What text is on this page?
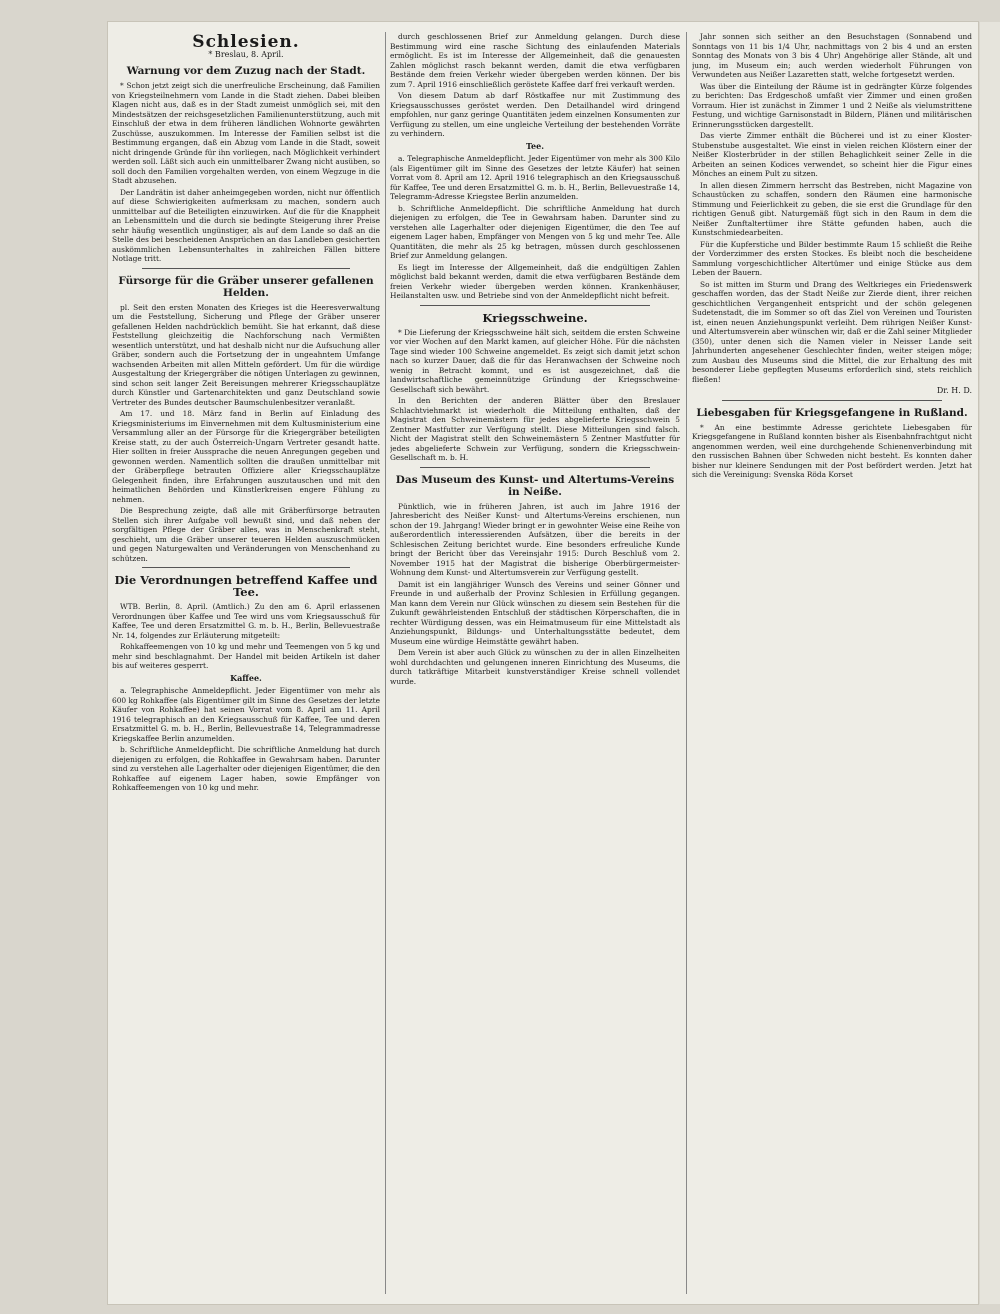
Schlesien.
* Breslau, 8. April.
Warnung vor dem Zuzug nach der Stadt.

* Schon jetzt zeigt sich die unerfreuliche Erscheinung, daß Familien von Kriegsteilnehmern vom Lande in die Stadt ziehen. Dabei bleiben Klagen nicht aus, daß es in der Stadt zumeist unmöglich sei, mit den Mindestsätzen der reichsgesetzlichen Familienunterstützung, auch mit Einschluß der etwa in dem früheren ländlichen Wohnorte gewährten Zuschüsse, auszukommen. Im Interesse der Familien selbst ist die Bestimmung ergangen, daß ein Abzug vom Lande in die Stadt, soweit nicht dringende Gründe für ihn vorliegen, nach Möglichkeit verhindert werden soll. Läßt sich auch ein unmittelbarer Zwang nicht ausüben, so soll doch den Familien vorgehalten werden, von einem Wegzuge in die Stadt abzusehen.

Der Landrätin ist daher anheimgegeben worden, nicht nur öffentlich auf diese Schwierigkeiten aufmerksam zu machen, sondern auch unmittelbar auf die Beteiligten einzuwirken. Auf die für die Knappheit an Lebensmitteln und die durch sie bedingte Steigerung ihrer Preise sehr häufig wesentlich ungünstiger, als auf dem Lande so daß an die Stelle des bei bescheidenen Ansprüchen an das Landleben gesicherten auskömmlichen Lebensunterhaltes in zahlreichen Fällen bittere Notlage tritt.

Fürsorge für die Gräber unserer gefallenen Helden.

pl. Seit den ersten Monaten des Krieges ist die Heeresverwaltung um die Feststellung, Sicherung und Pflege der Gräber unserer gefallenen Helden nachdrücklich bemüht. Sie hat erkannt, daß diese Feststellung gleichzeitig die Nachforschung nach Vermißten wesentlich unterstützt, und hat deshalb nicht nur die Aufsuchung aller Gräber, sondern auch die Fortsetzung der in ungeahntem Umfange wachsenden Arbeiten mit allen Mitteln gefördert. Um für die würdige Ausgestaltung der Kriegergräber die nötigen Unterlagen zu gewinnen, sind schon seit langer Zeit Bereisungen mehrerer Kriegsschauplätze durch Künstler und Gartenarchitekten und ganz Deutschland sowie Vertreter des Bundes deutscher Baumschulenbesitzer veranlaßt.

Am 17. und 18. März fand in Berlin auf Einladung des Kriegsministeriums im Einvernehmen mit dem Kultusministerium eine Versammlung aller an der Fürsorge für die Kriegergräber beteiligten Kreise statt, zu der auch Österreich-Ungarn Vertreter gesandt hatte. Hier sollten in freier Aussprache die neuen Anregungen gegeben und gewonnen werden. Namentlich sollten die draußen unmittelbar mit der Gräberpflege betrauten Offiziere aller Kriegsschauplätze Gelegenheit finden, ihre Erfahrungen auszutauschen und mit den heimatlichen Behörden und Künstlerkreisen engere Fühlung zu nehmen.

Die Besprechung zeigte, daß alle mit Gräberfürsorge betrauten Stellen sich ihrer Aufgabe voll bewußt sind, und daß neben der sorgfältigen Pflege der Gräber alles, was in Menschenkraft steht, geschieht, um die Gräber unserer teueren Helden auszuschmücken und gegen Naturgewalten und Veränderungen von Menschenhand zu schützen.

Die Verordnungen betreffend Kaffee und Tee.

WTB. Berlin, 8. April. (Amtlich.) Zu den am 6. April erlassenen Verordnungen über Kaffee und Tee wird uns vom Kriegsausschuß für Kaffee, Tee und deren Ersatzmittel G. m. b. H., Berlin, Bellevuestraße Nr. 14, folgendes zur Erläuterung mitgeteilt:

Rohkaffeemengen von 10 kg und mehr und Teemengen von 5 kg und mehr sind beschlagnahmt. Der Handel mit beiden Artikeln ist daher bis auf weiteres gesperrt.

Kaffee.

a. Telegraphische Anmeldepflicht. Jeder Eigentümer von mehr als 600 kg Rohkaffee (als Eigentümer gilt im Sinne des Gesetzes der letzte Käufer von Rohkaffee) hat seinen Vorrat vom 8. April am 11. April 1916 telegraphisch an den Kriegsausschuß für Kaffee, Tee und deren Ersatzmittel G. m. b. H., Berlin, Bellevuestraße 14, Telegrammadresse Kriegskaffee Berlin anzumelden.

b. Schriftliche Anmeldepflicht. Die schriftliche Anmeldung hat durch diejenigen zu erfolgen, die Rohkaffee in Gewahrsam haben. Darunter sind zu verstehen alle Lagerhalter oder diejenigen Eigentümer, die den Rohkaffee auf eigenem Lager haben, sowie Empfänger von Rohkaffeemengen von 10 kg und mehr.

durch geschlossenen Brief zur Anmeldung gelangen. Durch diese Bestimmung wird eine rasche Sichtung des einlaufenden Materials ermöglicht. Es ist im Interesse der Allgemeinheit, daß die genauesten Zahlen möglichst rasch bekannt werden, damit die etwa verfügbaren Bestände dem freien Verkehr wieder übergeben werden können. Der bis zum 7. April 1916 einschließlich geröstete Kaffee darf frei verkauft werden.

Von diesem Datum ab darf Röstkaffee nur mit Zustimmung des Kriegsausschusses geröstet werden. Den Detailhandel wird dringend empfohlen, nur ganz geringe Quantitäten jedem einzelnen Konsumenten zur Verfügung zu stellen, um eine ungleiche Verteilung der bestehenden Vorräte zu verhindern.

Tee.

a. Telegraphische Anmeldepflicht. Jeder Eigentümer von mehr als 300 Kilo (als Eigentümer gilt im Sinne des Gesetzes der letzte Käufer) hat seinen Vorrat vom 8. April am 12. April 1916 telegraphisch an den Kriegsausschuß für Kaffee, Tee und deren Ersatzmittel G. m. b. H., Berlin, Bellevuestraße 14, Telegramm-Adresse Kriegstee Berlin anzumelden.

b. Schriftliche Anmeldepflicht. Die schriftliche Anmeldung hat durch diejenigen zu erfolgen, die Tee in Gewahrsam haben. Darunter sind zu verstehen alle Lagerhalter oder diejenigen Eigentümer, die den Tee auf eigenem Lager haben, Empfänger von Mengen von 5 kg und mehr Tee. Alle Quantitäten, die mehr als 25 kg betragen, müssen durch geschlossenen Brief zur Anmeldung gelangen.

Es liegt im Interesse der Allgemeinheit, daß die endgültigen Zahlen möglichst bald bekannt werden, damit die etwa verfügbaren Bestände dem freien Verkehr wieder übergeben werden können. Krankenhäuser, Heilanstalten usw. und Betriebe sind von der Anmeldepflicht nicht befreit.

Kriegsschweine.

* Die Lieferung der Kriegsschweine hält sich, seitdem die ersten Schweine vor vier Wochen auf den Markt kamen, auf gleicher Höhe. Für die nächsten Tage sind wieder 100 Schweine angemeldet. Es zeigt sich damit jetzt schon nach so kurzer Dauer, daß die für das Heranwachsen der Schweine noch wenig in Betracht kommt, und es ist ausgezeichnet, daß die landwirtschaftliche gemeinnützige Gründung der Kriegsschweine-Gesellschaft sich bewährt.

In den Berichten der anderen Blätter über den Breslauer Schlachtviehmarkt ist wiederholt die Mitteilung enthalten, daß der Magistrat den Schweinemästern für jedes abgelieferte Kriegsschwein 5 Zentner Mastfutter zur Verfügung stellt. Diese Mitteilungen sind falsch. Nicht der Magistrat stellt den Schweinemästern 5 Zentner Mastfutter für jedes abgelieferte Schwein zur Verfügung, sondern die Kriegsschwein-Gesellschaft m. b. H.

Das Museum des Kunst- und Altertums-Vereins in Neiße.

Pünktlich, wie in früheren Jahren, ist auch im Jahre 1916 der Jahresbericht des Neißer Kunst- und Altertums-Vereins erschienen, nun schon der 19. Jahrgang! Wieder bringt er in gewohnter Weise eine Reihe von außerordentlich interessierenden Aufsätzen, über die bereits in der Schlesischen Zeitung berichtet wurde. Eine besonders erfreuliche Kunde bringt der Bericht über das Vereinsjahr 1915: Durch Beschluß vom 2. November 1915 hat der Magistrat die bisherige Oberbürgermeister-Wohnung dem Kunst- und Altertumsverein zur Verfügung gestellt.

Damit ist ein langjähriger Wunsch des Vereins und seiner Gönner und Freunde in und außerhalb der Provinz Schlesien in Erfüllung gegangen. Man kann dem Verein nur Glück wünschen zu diesem sein Bestehen für die Zukunft gewährleistenden Entschluß der städtischen Körperschaften, die in rechter Würdigung dessen, was ein Heimatmuseum für eine Mittelstadt als Anziehungspunkt, Bildungs- und Unterhaltungsstätte bedeutet, dem Museum eine würdige Heimstätte gewährt haben.

Dem Verein ist aber auch Glück zu wünschen zu der in allen Einzelheiten wohl durchdachten und gelungenen inneren Einrichtung des Museums, die durch tatkräftige Mitarbeit kunstverständiger Kreise schnell vollendet wurde.

Jahr sonnen sich seither an den Besuchstagen (Sonnabend und Sonntags von 11 bis 1/4 Uhr, nachmittags von 2 bis 4 und an ersten Sonntag des Monats von 3 bis 4 Uhr) Angehörige aller Stände, alt und jung, im Museum ein; auch werden wiederholt Führungen von Verwundeten aus Neißer Lazaretten statt, welche fortgesetzt werden.

Was über die Einteilung der Räume ist in gedrängter Kürze folgendes zu berichten: Das Erdgeschoß umfaßt vier Zimmer und einen großen Vorraum. Hier ist zunächst in Zimmer 1 und 2 Neiße als vielumstrittene Festung, und wichtige Garnisonstadt in Bildern, Plänen und militärischen Erinnerungsstücken dargestellt.

Das vierte Zimmer enthält die Bücherei und ist zu einer Kloster-Stubenstube ausgestaltet. Wie einst in vielen reichen Klöstern einer der Neißer Klosterbrüder in der stillen Behaglichkeit seiner Zelle in die Arbeiten an seinen Kodices verwendet, so scheint hier die Figur eines Mönches an einem Pult zu sitzen.

In allen diesen Zimmern herrscht das Bestreben, nicht Magazine von Schaustücken zu schaffen, sondern den Räumen eine harmonische Stimmung und Feierlichkeit zu geben, die sie erst die Grundlage für den richtigen Genuß gibt. Naturgemäß fügt sich in den Raum in dem die Neißer Zunftaltertümer ihre Stätte gefunden haben, auch die Kunstschmiedearbeiten.

Für die Kupferstiche und Bilder bestimmte Raum 15 schließt die Reihe der Vorderzimmer des ersten Stockes. Es bleibt noch die bescheidene Sammlung vorgeschichtlicher Altertümer und einige Stücke aus dem Leben der Bauern.

So ist mitten im Sturm und Drang des Weltkrieges ein Friedenswerk geschaffen worden, das der Stadt Neiße zur Zierde dient, ihrer reichen geschichtlichen Vergangenheit entspricht und der schön gelegenen Sudetenstadt, die im Sommer so oft das Ziel von Vereinen und Touristen ist, einen neuen Anziehungspunkt verleiht. Dem rührigen Neißer Kunst- und Altertumsverein aber wünschen wir, daß er die Zahl seiner Mitglieder (350), unter denen sich die Namen vieler in Neisser Lande seit Jahrhunderten angesehener Geschlechter finden, weiter steigen möge; zum Ausbau des Museums sind die Mittel, die zur Erhaltung des mit besonderer Liebe gepflegten Museums erforderlich sind, stets reichlich fließen!

Dr. H. D.
Liebesgaben für Kriegsgefangene in Rußland.

* An eine bestimmte Adresse gerichtete Liebesgaben für Kriegsgefangene in Rußland konnten bisher als Eisenbahnfrachtgut nicht angenommen werden, weil eine durchgehende Schienenverbindung mit den russischen Bahnen über Schweden nicht besteht. Es konnten daher bisher nur kleinere Sendungen mit der Post befördert werden. Jetzt hat sich die Vereinigung: Svenska Röda Korset
